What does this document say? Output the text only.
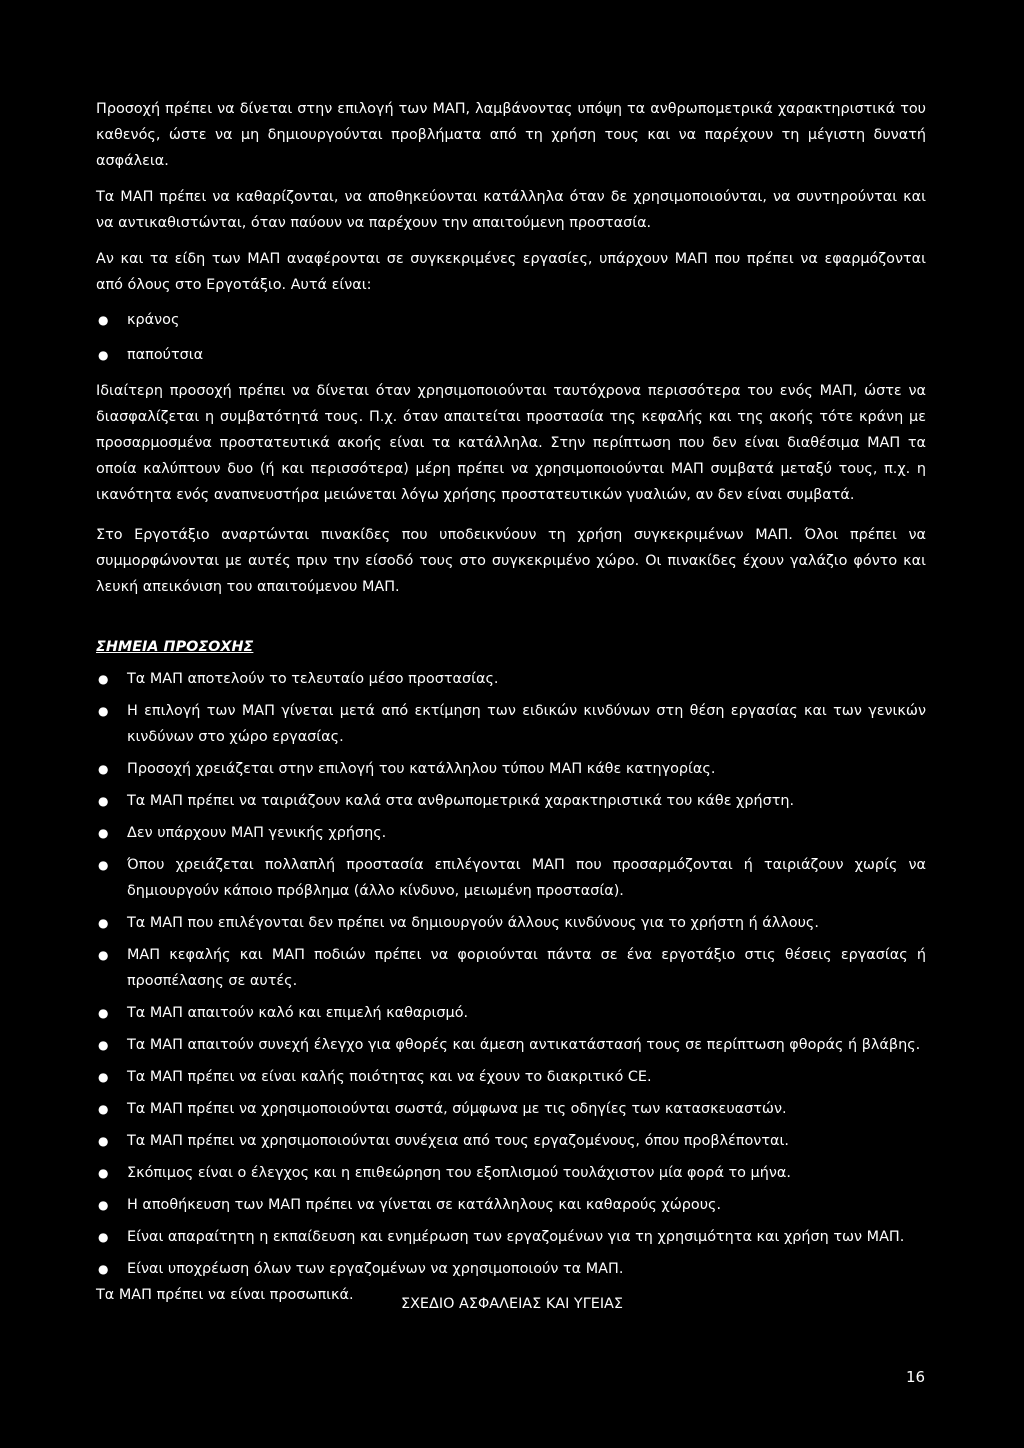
Προσοχή πρέπει να δίνεται στην επιλογή των ΜΑΠ, λαμβάνοντας υπόψη τα ανθρωπομετρικά χαρακτηριστικά του καθενός, ώστε να μη δημιουργούνται προβλήματα από τη χρήση τους και να παρέχουν τη μέγιστη δυνατή ασφάλεια.

Τα ΜΑΠ πρέπει να καθαρίζονται, να αποθηκεύονται κατάλληλα όταν δε χρησιμοποιούνται, να συντηρούνται και να αντικαθιστώνται, όταν παύουν να παρέχουν την απαιτούμενη προστασία.

Αν και τα είδη των ΜΑΠ αναφέρονται σε συγκεκριμένες εργασίες, υπάρχουν ΜΑΠ που πρέπει να εφαρμόζονται από όλους στο Εργοτάξιο. Αυτά είναι:

● κράνος
● παπούτσια

Ιδιαίτερη προσοχή πρέπει να δίνεται όταν χρησιμοποιούνται ταυτόχρονα περισσότερα του ενός ΜΑΠ, ώστε να διασφαλίζεται η συμβατότητά τους. Π.χ. όταν απαιτείται προστασία της κεφαλής και της ακοής τότε κράνη με προσαρμοσμένα προστατευτικά ακοής είναι τα κατάλληλα. Στην περίπτωση που δεν είναι διαθέσιμα ΜΑΠ τα οποία καλύπτουν δυο (ή και περισσότερα) μέρη πρέπει να χρησιμοποιούνται ΜΑΠ συμβατά μεταξύ τους, π.χ. η ικανότητα ενός αναπνευστήρα μειώνεται λόγω χρήσης προστατευτικών γυαλιών, αν δεν είναι συμβατά.

Στο Εργοτάξιο αναρτώνται πινακίδες που υποδεικνύουν τη χρήση συγκεκριμένων ΜΑΠ. Όλοι πρέπει να συμμορφώνονται με αυτές πριν την είσοδό τους στο συγκεκριμένο χώρο. Οι πινακίδες έχουν γαλάζιο φόντο και λευκή απεικόνιση του απαιτούμενου ΜΑΠ.

ΣΗΜΕΙΑ ΠΡΟΣΟΧΗΣ
● Τα ΜΑΠ αποτελούν το τελευταίο μέσο προστασίας.
● Η επιλογή των ΜΑΠ γίνεται μετά από εκτίμηση των ειδικών κινδύνων στη θέση εργασίας και των γενικών κινδύνων στο χώρο εργασίας.
● Προσοχή χρειάζεται στην επιλογή του κατάλληλου τύπου ΜΑΠ κάθε κατηγορίας.
● Τα ΜΑΠ πρέπει να ταιριάζουν καλά στα ανθρωπομετρικά χαρακτηριστικά του κάθε χρήστη.
● Δεν υπάρχουν ΜΑΠ γενικής χρήσης.
● Όπου χρειάζεται πολλαπλή προστασία επιλέγονται ΜΑΠ που προσαρμόζονται ή ταιριάζουν χωρίς να δημιουργούν κάποιο πρόβλημα (άλλο κίνδυνο, μειωμένη προστασία).
● Τα ΜΑΠ που επιλέγονται δεν πρέπει να δημιουργούν άλλους κινδύνους για το χρήστη ή άλλους.
● ΜΑΠ κεφαλής και ΜΑΠ ποδιών πρέπει να φοριούνται πάντα σε ένα εργοτάξιο στις θέσεις εργασίας ή προσπέλασης σε αυτές.
● Τα ΜΑΠ απαιτούν καλό και επιμελή καθαρισμό.
● Τα ΜΑΠ απαιτούν συνεχή έλεγχο για φθορές και άμεση αντικατάστασή τους σε περίπτωση φθοράς ή βλάβης.
● Τα ΜΑΠ πρέπει να είναι καλής ποιότητας και να έχουν το διακριτικό CE.
● Τα ΜΑΠ πρέπει να χρησιμοποιούνται σωστά, σύμφωνα με τις οδηγίες των κατασκευαστών.
● Τα ΜΑΠ πρέπει να χρησιμοποιούνται συνέχεια από τους εργαζομένους, όπου προβλέπονται.
● Σκόπιμος είναι ο έλεγχος και η επιθεώρηση του εξοπλισμού τουλάχιστον μία φορά το μήνα.
● Η αποθήκευση των ΜΑΠ πρέπει να γίνεται σε κατάλληλους και καθαρούς χώρους.
● Είναι απαραίτητη η εκπαίδευση και ενημέρωση των εργαζομένων για τη χρησιμότητα και χρήση των ΜΑΠ.
● Είναι υποχρέωση όλων των εργαζομένων να χρησιμοποιούν τα ΜΑΠ.

Τα ΜΑΠ πρέπει να είναι προσωπικά.

ΣΧΕΔΙΟ ΑΣΦΑΛΕΙΑΣ ΚΑΙ ΥΓΕΙΑΣ
16
